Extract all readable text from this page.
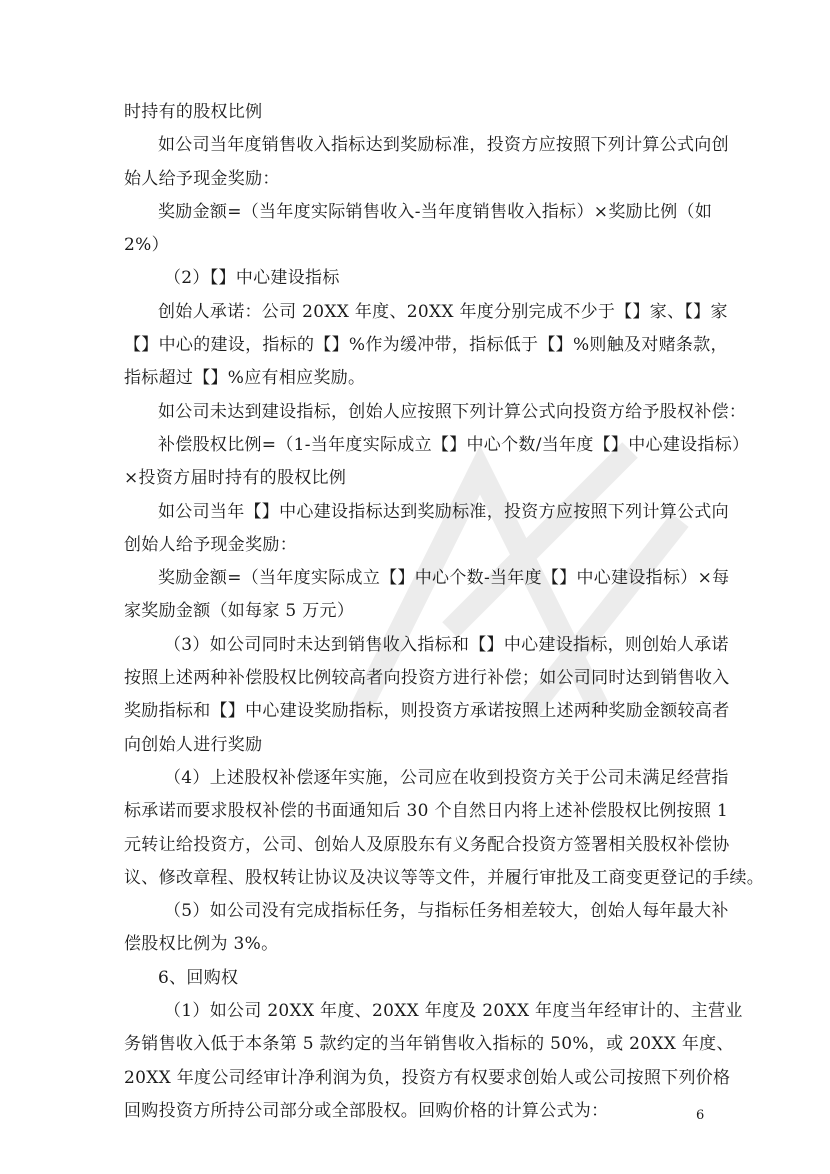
时持有的股权比例
如公司当年度销售收入指标达到奖励标准，投资方应按照下列计算公式向创
始人给予现金奖励：
奖励金额=（当年度实际销售收入-当年度销售收入指标）×奖励比例（如
2%）
（2）【】中心建设指标
创始人承诺：公司 20XX 年度、20XX 年度分别完成不少于【】家、【】家
【】中心的建设，指标的【】%作为缓冲带，指标低于【】%则触及对赌条款，
指标超过【】%应有相应奖励。
如公司未达到建设指标，创始人应按照下列计算公式向投资方给予股权补偿：
补偿股权比例=（1-当年度实际成立【】中心个数/当年度【】中心建设指标）
×投资方届时持有的股权比例
如公司当年【】中心建设指标达到奖励标准，投资方应按照下列计算公式向
创始人给予现金奖励：
奖励金额=（当年度实际成立【】中心个数-当年度【】中心建设指标）×每
家奖励金额（如每家 5 万元）
（3）如公司同时未达到销售收入指标和【】中心建设指标，则创始人承诺
按照上述两种补偿股权比例较高者向投资方进行补偿；如公司同时达到销售收入
奖励指标和【】中心建设奖励指标，则投资方承诺按照上述两种奖励金额较高者
向创始人进行奖励
（4）上述股权补偿逐年实施，公司应在收到投资方关于公司未满足经营指
标承诺而要求股权补偿的书面通知后 30 个自然日内将上述补偿股权比例按照 1
元转让给投资方，公司、创始人及原股东有义务配合投资方签署相关股权补偿协
议、修改章程、股权转让协议及决议等等文件，并履行审批及工商变更登记的手续。
（5）如公司没有完成指标任务，与指标任务相差较大，创始人每年最大补
偿股权比例为 3%。
6、回购权
（1）如公司 20XX 年度、20XX 年度及 20XX 年度当年经审计的、主营业
务销售收入低于本条第 5 款约定的当年销售收入指标的 50%，或 20XX 年度、
20XX 年度公司经审计净利润为负，投资方有权要求创始人或公司按照下列价格
回购投资方所持公司部分或全部股权。回购价格的计算公式为：	6
